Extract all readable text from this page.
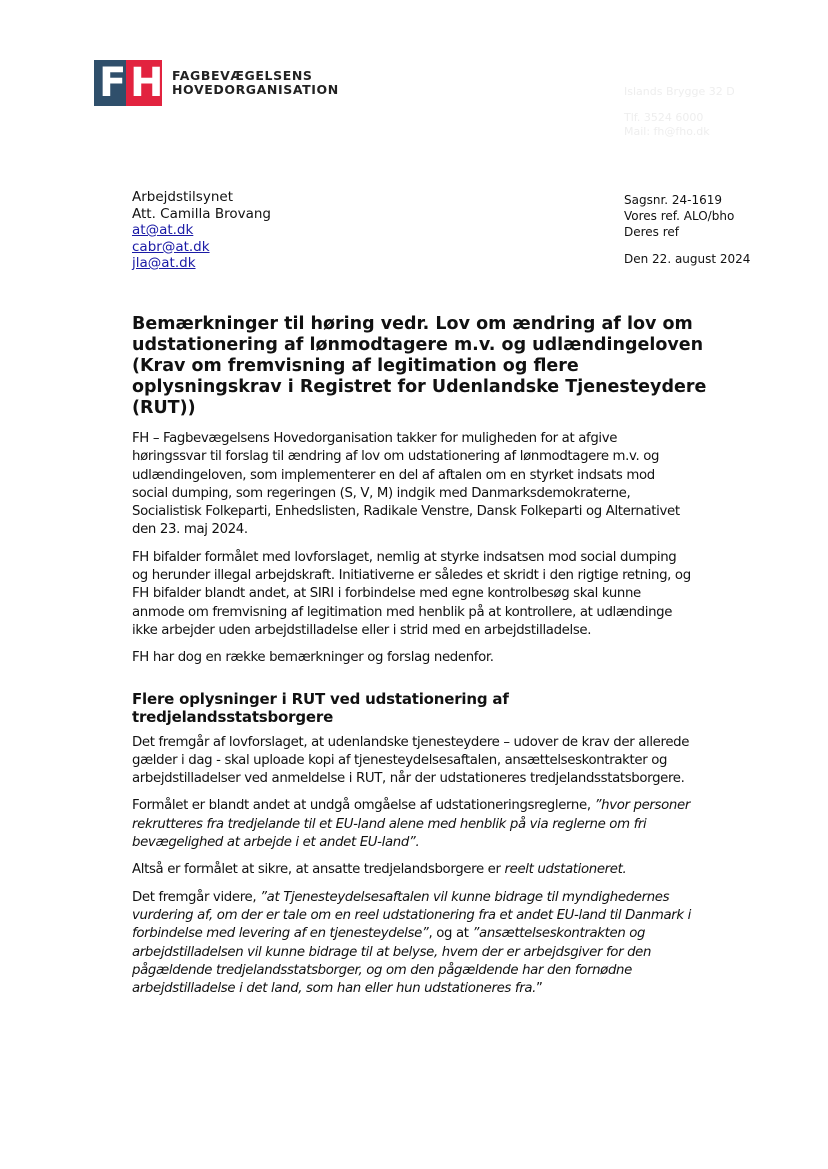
F H FAGBEVÆGELSENS
HOVEDORGANISATION	Islands Brygge 32 D
Tlf. 3524 6000
Mail: fh@fho.dk
Arbejdstilsynet
Att. Camilla Brovang
at@at.dk
cabr@at.dk
jla@at.dk
Sagsnr. 24-1619
Vores ref. ALO/bho
Deres ref
Den 22. august 2024
Bemærkninger til høring vedr. Lov om ændring af lov om udstationering af lønmodtagere m.v. og udlændingeloven (Krav om fremvisning af legitimation og flere oplysningskrav i Registret for Udenlandske Tjenesteydere (RUT))

FH – Fagbevægelsens Hovedorganisation takker for muligheden for at afgive høringssvar til forslag til ændring af lov om udstationering af lønmodtagere m.v. og udlændingeloven, som implementerer en del af aftalen om en styrket indsats mod social dumping, som regeringen (S, V, M) indgik med Danmarksdemokraterne, Socialistisk Folkeparti, Enhedslisten, Radikale Venstre, Dansk Folkeparti og Alternativet den 23. maj 2024.

FH bifalder formålet med lovforslaget, nemlig at styrke indsatsen mod social dumping og herunder illegal arbejdskraft. Initiativerne er således et skridt i den rigtige retning, og FH bifalder blandt andet, at SIRI i forbindelse med egne kontrolbesøg skal kunne anmode om fremvisning af legitimation med henblik på at kontrollere, at udlændinge ikke arbejder uden arbejdstilladelse eller i strid med en arbejdstilladelse.

FH har dog en række bemærkninger og forslag nedenfor.

Flere oplysninger i RUT ved udstationering af tredjelandsstatsborgere

Det fremgår af lovforslaget, at udenlandske tjenesteydere – udover de krav der allerede gælder i dag - skal uploade kopi af tjenesteydelsesaftalen, ansættelseskontrakter og arbejdstilladelser ved anmeldelse i RUT, når der udstationeres tredjelandsstatsborgere.

Formålet er blandt andet at undgå omgåelse af udstationeringsreglerne, ”hvor personer rekrutteres fra tredjelande til et EU-land alene med henblik på via reglerne om fri bevægelighed at arbejde i et andet EU-land”.

Altså er formålet at sikre, at ansatte tredjelandsborgere er reelt udstationeret.

Det fremgår videre, ”at Tjenesteydelsesaftalen vil kunne bidrage til myndighedernes vurdering af, om der er tale om en reel udstationering fra et andet EU-land til Danmark i forbindelse med levering af en tjenesteydelse”, og at ”ansættelseskontrakten og arbejdstilladelsen vil kunne bidrage til at belyse, hvem der er arbejdsgiver for den pågældende tredjelandsstatsborger, og om den pågældende har den fornødne arbejdstilladelse i det land, som han eller hun udstationeres fra.”
